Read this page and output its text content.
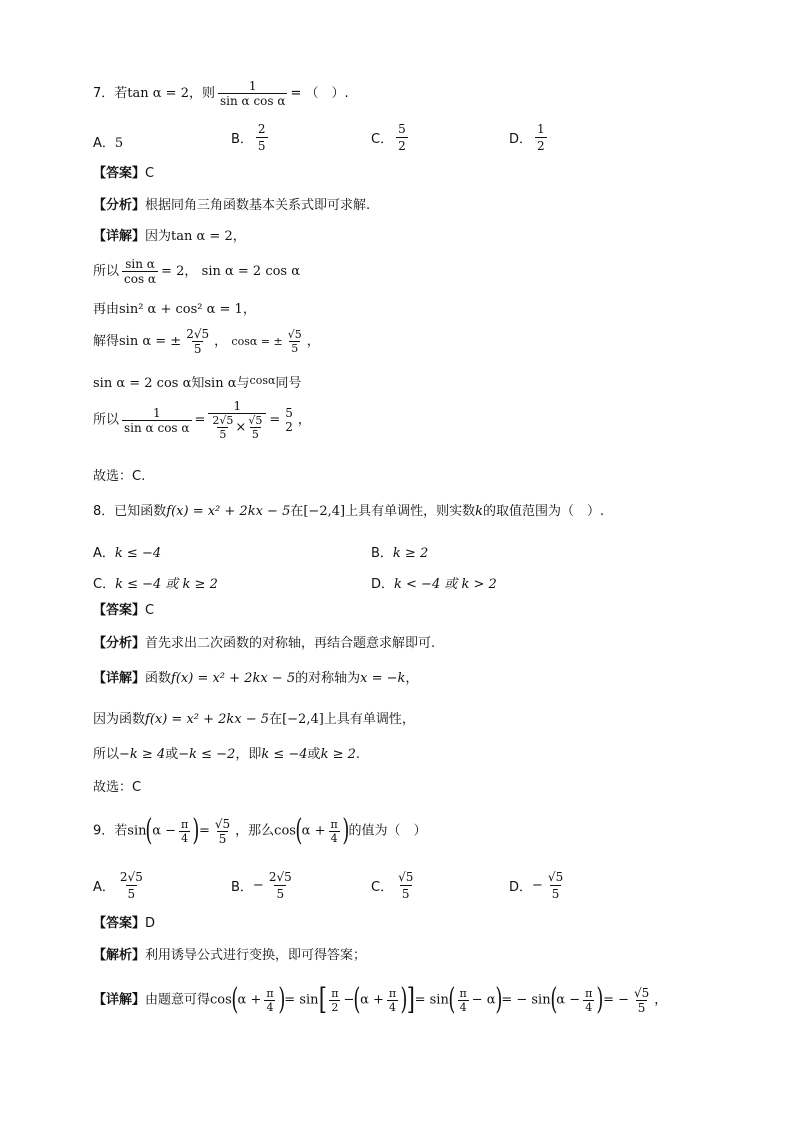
7．若tan α = 2，则 $\frac{1}{\text{sin α cos α}}$ = （　）.
A．5	B． $\frac{2}{5}$	C． $\frac{5}{2}$	D． $\frac{1}{2}$
【答案】C
【分析】根据同角三角函数基本关系式即可求解.
【详解】因为tan α = 2，
所以 $\frac{\text{sin α}}{\text{cos α}} = 2$， sin α = 2 cos α
再由sin² α + cos² α = 1，
解得sin α = ± $\frac{2√5}{5}$ ， cosα = ± $\frac{√5}{5}$ ，
sin α = 2 cos α知sin α与$^{cos\alpha}$同号
所以 $\frac{1}{\text{sin α cos α}} = \frac{1}{\frac{2√5}{5} \times \frac{√5}{5}} = 5$
2 ，
故选：C.
8．已知函数f(x) = x² + 2kx − 5在[−2,4]上具有单调性，则实数k的取值范围为（　）.
A．k ≤ −4	B．k ≥ 2
C．k ≤ −4 或 k ≥ 2	D．k < −4 或 k > 2
【答案】C
【分析】首先求出二次函数的对称轴，再结合题意求解即可.
【详解】函数f(x) = x² + 2kx − 5的对称轴为x = −k，
因为函数f(x) = x² + 2kx − 5在[−2,4]上具有单调性，
所以−k ≥ 4或−k ≤ −2，即k ≤ −4或k ≥ 2.
故选：C
9．若$\sin(\alpha - \frac{\pi}{4}$ )= $\frac{√5}{5}$ ，那么$\cos(\alpha + \frac{\pi}{4}$ )的值为（　）
A． $\frac{2√5}{5}$	B．− $\frac{2√5}{5}$	C． $\frac{√5}{5}$	D．− $\frac{√5}{5}$
【答案】D
【解析】利用诱导公式进行变换，即可得答案；
【详解】由题意可得$\cos(\alpha + \frac{\pi}{4}$ )= $\sin[ \frac{\pi}{2} -(\alpha + \frac{\pi}{4}$ )]= $\sin( \frac{\pi}{4} - \alpha)= - \sin(\alpha - \frac{\pi}{4}$ )= − $\frac{√5}{5}$ ，
